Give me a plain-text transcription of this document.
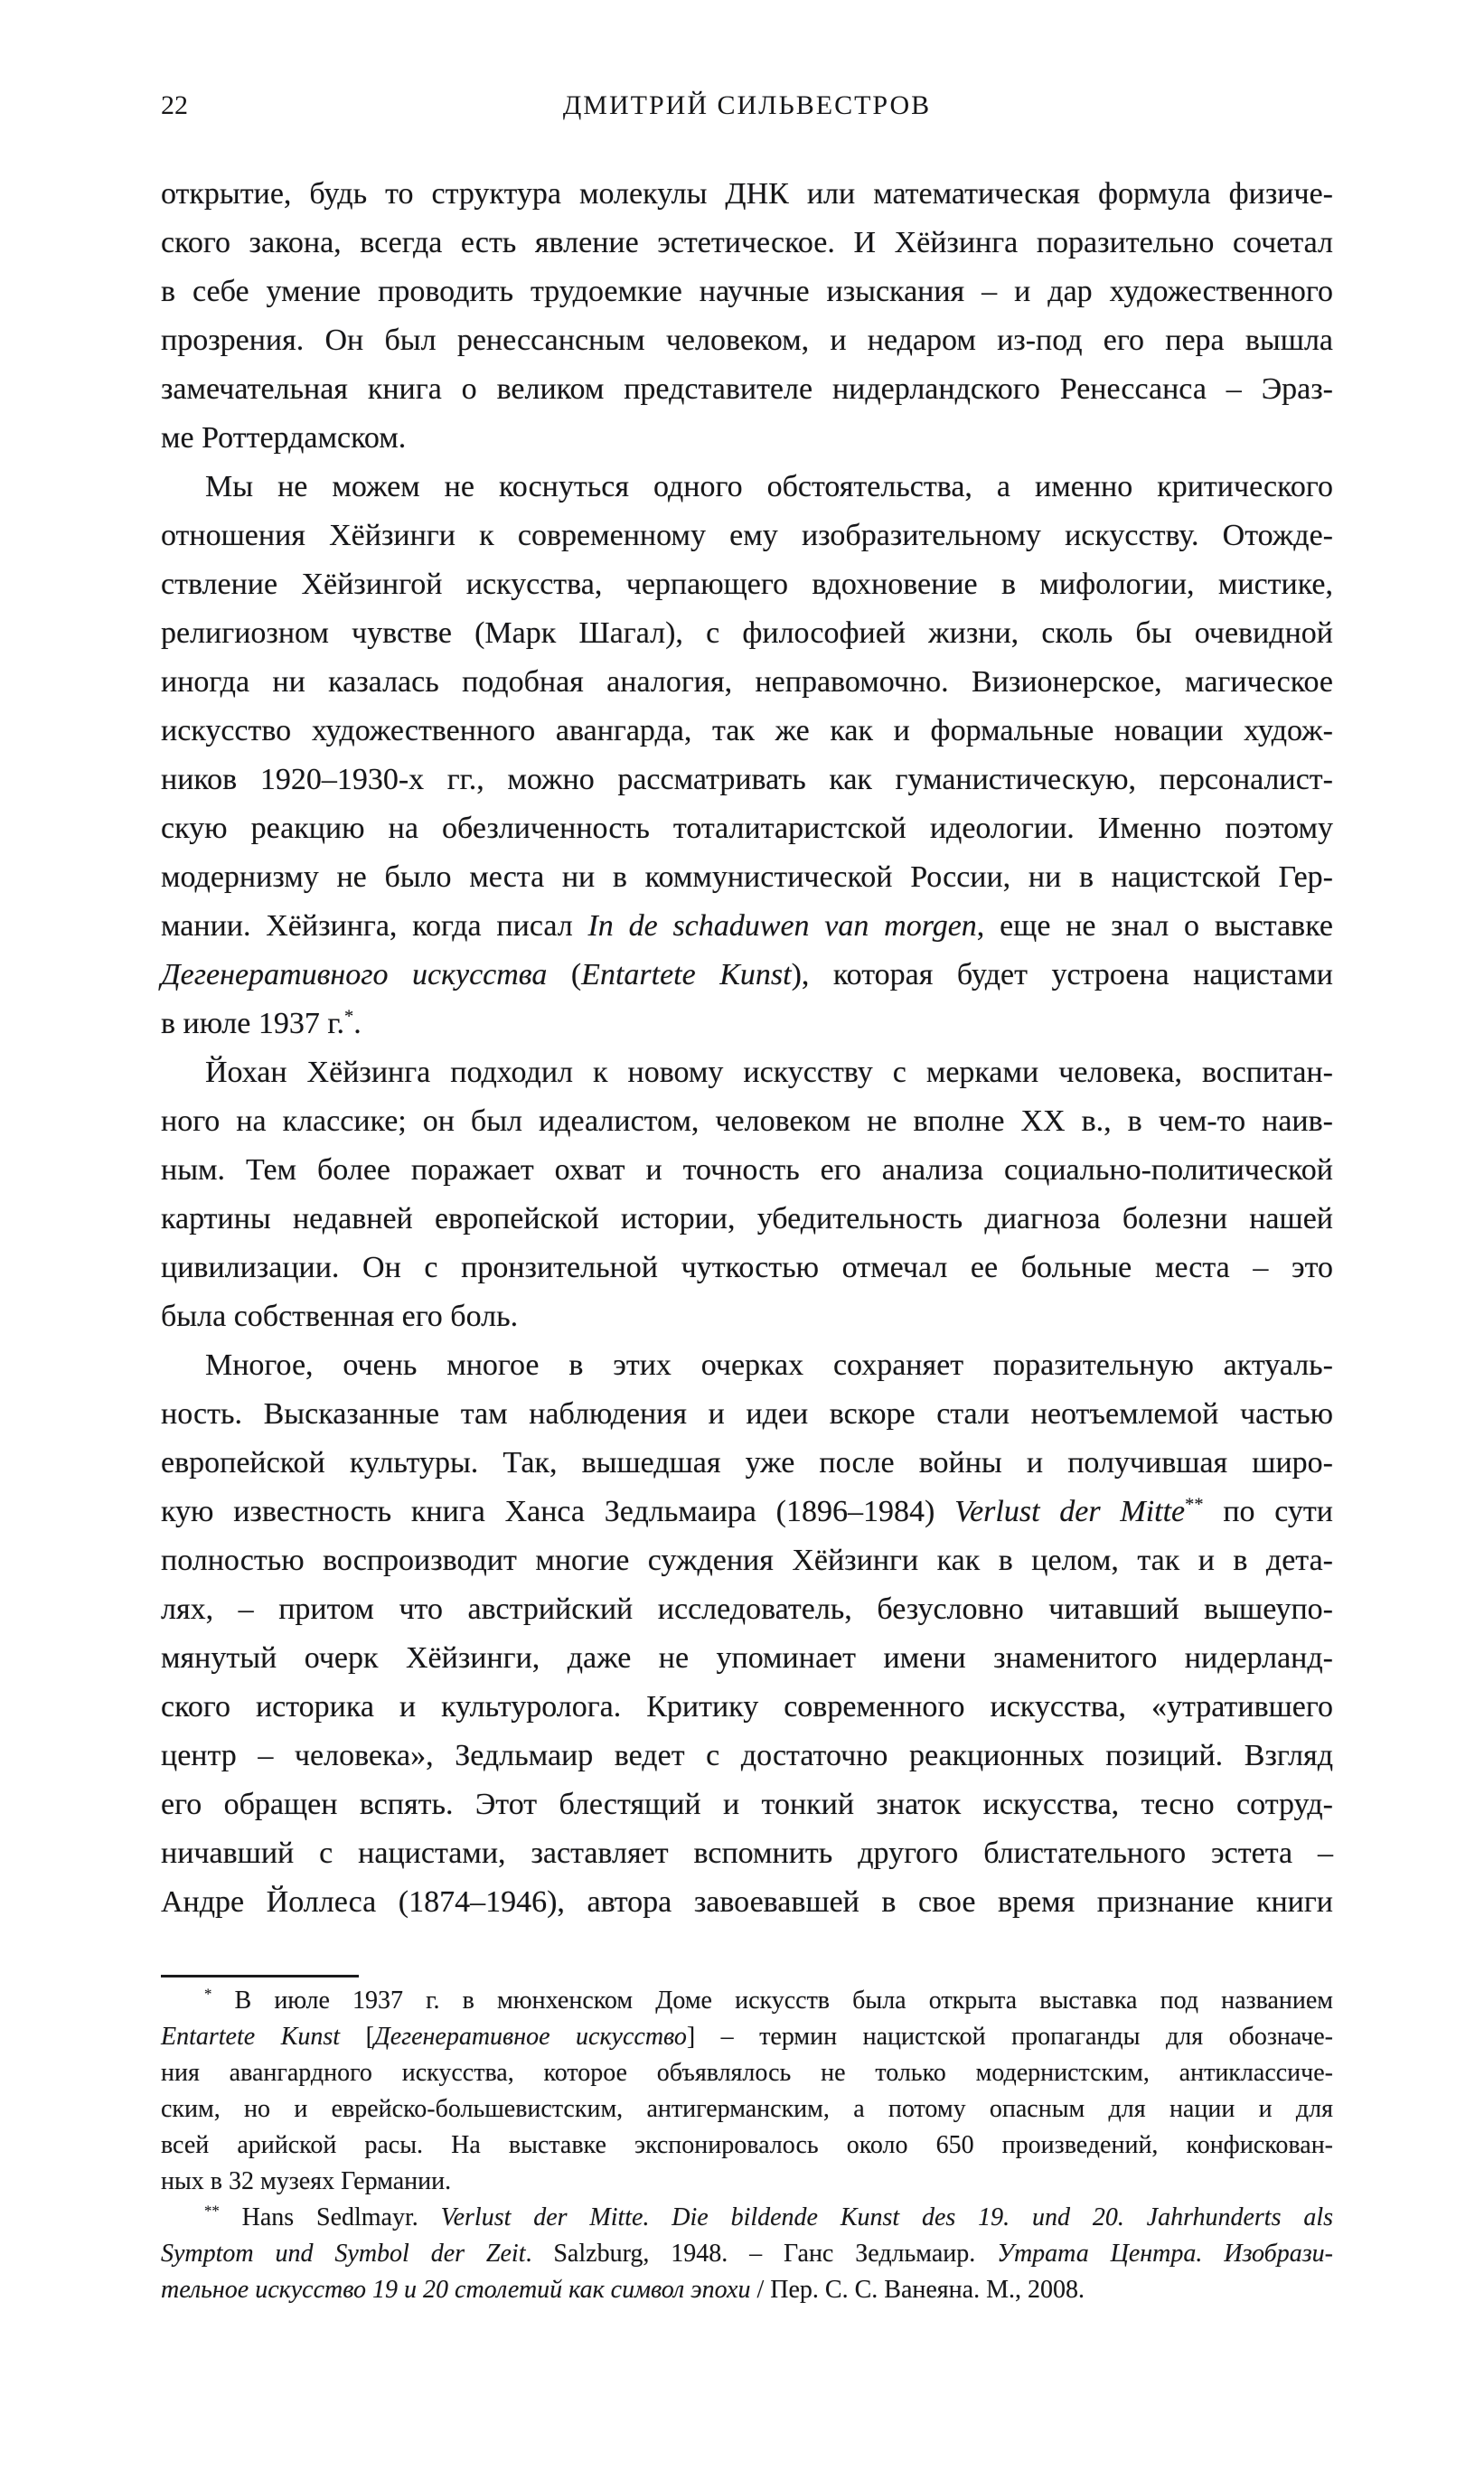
22	ДМИТРИЙ СИЛЬВЕСТРОВ
открытие, будь то структура молекулы ДНК или математическая формула физиче-
ского закона, всегда есть явление эстетическое. И Хёйзинга поразительно сочетал
в себе умение проводить трудоемкие научные изыскания – и дар художественного
прозрения. Он был ренессансным человеком, и недаром из-под его пера вышла
замечательная книга о великом представителе нидерландского Ренессанса – Эраз-
ме Роттердамском.
Мы не можем не коснуться одного обстоятельства, а именно критического
отношения Хёйзинги к современному ему изобразительному искусству. Отожде-
ствление Хёйзингой искусства, черпающего вдохновение в мифологии, мистике,
религиозном чувстве (Марк Шагал), с философией жизни, сколь бы очевидной
иногда ни казалась подобная аналогия, неправомочно. Визионерское, магическое
искусство художественного авангарда, так же как и формальные новации худож-
ников 1920–1930-х гг., можно рассматривать как гуманистическую, персоналист-
скую реакцию на обезличенность тоталитаристской идеологии. Именно поэтому
модернизму не было места ни в коммунистической России, ни в нацистской Гер-
мании. Хёйзинга, когда писал In de schaduwen van morgen, еще не знал о выставке
Дегенеративного искусства (Entartete Kunst), которая будет устроена нацистами
в июле 1937 г.*.
Йохан Хёйзинга подходил к новому искусству с мерками человека, воспитан-
ного на классике; он был идеалистом, человеком не вполне XX в., в чем-то наив-
ным. Тем более поражает охват и точность его анализа социально-политической
картины недавней европейской истории, убедительность диагноза болезни нашей
цивилизации. Он с пронзительной чуткостью отмечал ее больные места – это
была собственная его боль.
Многое, очень многое в этих очерках сохраняет поразительную актуаль-
ность. Высказанные там наблюдения и идеи вскоре стали неотъемлемой частью
европейской культуры. Так, вышедшая уже после войны и получившая широ-
кую известность книга Ханса Зедльмаира (1896–1984) Verlust der Mitte** по сути
полностью воспроизводит многие суждения Хёйзинги как в целом, так и в дета-
лях, – притом что австрийский исследователь, безусловно читавший вышеупо-
мянутый очерк Хёйзинги, даже не упоминает имени знаменитого нидерланд-
ского историка и культуролога. Критику современного искусства, «утратившего
центр – человека», Зедльмаир ведет с достаточно реакционных позиций. Взгляд
его обращен вспять. Этот блестящий и тонкий знаток искусства, тесно сотруд-
ничавший с нацистами, заставляет вспомнить другого блистательного эстета –
Андре Йоллеса (1874–1946), автора завоевавшей в свое время признание книги
* В июле 1937 г. в мюнхенском Доме искусств была открыта выставка под названием
Entartete Kunst [Дегенеративное искусство] – термин нацистской пропаганды для обозначе-
ния авангардного искусства, которое объявлялось не только модернистским, антиклассиче-
ским, но и еврейско-большевистским, антигерманским, а потому опасным для нации и для
всей арийской расы. На выставке экспонировалось около 650 произведений, конфискован-
ных в 32 музеях Германии.
** Hans Sedlmayr. Verlust der Mitte. Die bildende Kunst des 19. und 20. Jahrhunderts als
Symptom und Symbol der Zeit. Salzburg, 1948. – Ганс Зедльмаир. Утрата Центра. Изобрази-
тельное искусство 19 и 20 столетий как символ эпохи / Пер. С. С. Ванеяна. М., 2008.
